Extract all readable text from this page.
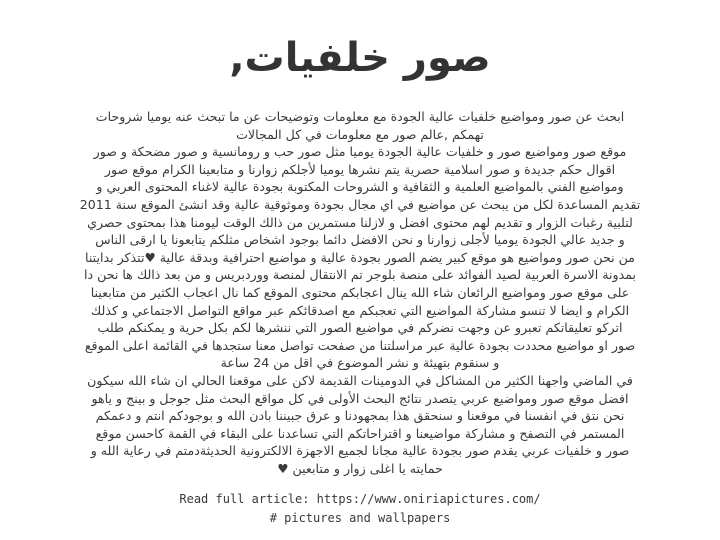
صور خلفيات,
ابحث عن صور ومواضيع خلفيات عالية الجودة مع معلومات وتوضيحات عن ما تبحث عنه يوميا شروحات
تهمكم ,عالم صور مع معلومات في كل المجالات
موقع صور ومواضيع صور و خلفيات عالية الجودة يوميا مثل صور حب و رومانسية و صور مضحكة و صور
اقوال حكم جديدة و صور اسلامية حصرية يتم نشرها يوميا لأجلكم زوارنا و متابعينا الكرام موقع صور
ومواضيع الفني بالمواضيع العلمية و الثقافية و الشروحات المكتوبة بجودة عالية لاغناء المحتوى العربي و
تقديم المساعدة لكل من يبحث عن مواضيع في اي مجال بجودة وموثوقية عالية وقد انشئ الموقع سنة 2011
لتلبية رغبات الزوار و تقديم لهم محتوى افضل و لازلنا مستمرين من ذالك الوقت ليومنا هذا بمحتوى حصري
و جديد عالي الجودة يوميا لأجلى زوارنا و نحن الافضل دائما بوجود اشخاص مثلكم يتابعونا يا ارقى الناس
من نحن صور ومواضيع هو موقع كبير يضم الصور بجودة عالية و مواضيع احترافية وبدقة عالية ♥تتذكر بدايتنا
بمدونة الاسرة العربية لصيد الفوائد على منصة بلوجر تم الانتقال لمنصة ووردبريس و من بعد ذالك ها نحن دا
على موقع صور ومواضيع الرائعان شاء الله ينال اعجابكم محتوى الموقع كما نال اعجاب الكثير من متابعينا
الكرام و ايضا لا تنسو مشاركة المواضيع التي تعجبكم مع اصدقائكم عبر مواقع التواصل الاجتماعي و كذلك
اتركو تعليقاتكم تعبرو عن وجهت نضركم في مواضيع الصور التي ننشرها لكم بكل حرية و يمكنكم طلب
صور او مواضيع محددت بجودة عالية عبر مراسلتنا من صفحت تواصل معنا ستجدها في القائمة اعلى الموقع
و سنقوم بتهيئة و نشر الموضوع في اقل من 24 ساعة
في الماضي واجهنا الكثير من المشاكل في الدومينات القديمة لاكن على موقعنا الحالي ان شاء الله سيكون
افضل موقع صور ومواضيع عربي يتصدر نتائج البحث الأولى في كل مواقع البحث مثل جوجل و بينج و ياهو
نحن نتق في انفسنا في موقعنا و سنحقق هذا بمجهودنا و عرق جبيننا بادن الله و بوجودكم انتم و دعمكم
المستمر في التصفح و مشاركة مواضيعنا و اقتراحاتكم التي تساعدنا على البقاء في القمة كاحسن موقع
صور و خلفيات عربي يقدم صور بجودة عالية مجانا لجميع الاجهزة الالكترونية الحديثةدمتم في رعاية الله و
حمايته يا اغلى زوار و متابعين ♥
Read full article: https://www.oniriapictures.com/
# pictures and wallpapers
